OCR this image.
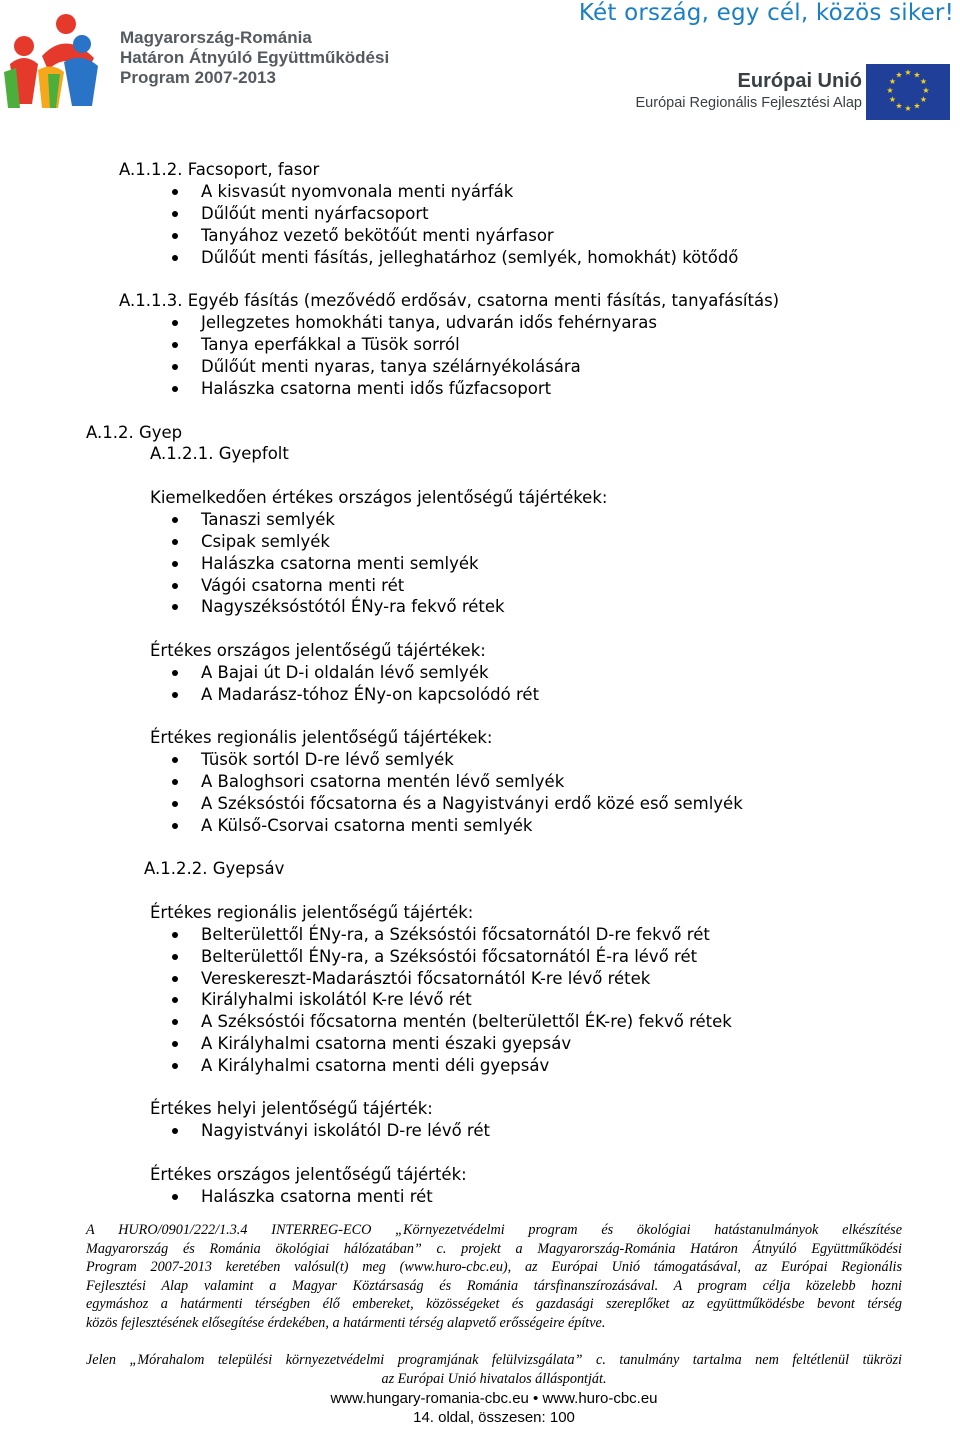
Két ország, egy cél, közös siker!
Magyarország-Románia
Határon Átnyúló Együttműködési
Program 2007-2013	Európai Unió
Európai Regionális Fejlesztési Alap
★ ★
★
★
★
★
★
★
★
★
★
★
A.1.1.2. Facsoport, fasor
A kisvasút nyomvonala menti nyárfák
Dűlőút menti nyárfacsoport
Tanyához vezető bekötőút menti nyárfasor
Dűlőút menti fásítás, jelleghatárhoz (semlyék, homokhát) kötődő
A.1.1.3. Egyéb fásítás (mezővédő erdősáv, csatorna menti fásítás, tanyafásítás)
Jellegzetes homokháti tanya, udvarán idős fehérnyaras
Tanya eperfákkal a Tüsök sorról
Dűlőút menti nyaras, tanya szélárnyékolására
Halászka csatorna menti idős fűzfacsoport
A.1.2. Gyep
A.1.2.1. Gyepfolt
Kiemelkedően értékes országos jelentőségű tájértékek:
Tanaszi semlyék
Csipak semlyék
Halászka csatorna menti semlyék
Vágói csatorna menti rét
Nagyszéksóstótól ÉNy-ra fekvő rétek
Értékes országos jelentőségű tájértékek:
A Bajai út D-i oldalán lévő semlyék
A Madarász-tóhoz ÉNy-on kapcsolódó rét
Értékes regionális jelentőségű tájértékek:
Tüsök sortól D-re lévő semlyék
A Baloghsori csatorna mentén lévő semlyék
A Széksóstói főcsatorna és a Nagyistványi erdő közé eső semlyék
A Külső-Csorvai csatorna menti semlyék
A.1.2.2. Gyepsáv
Értékes regionális jelentőségű tájérték:
Belterülettől ÉNy-ra, a Széksóstói főcsatornától D-re fekvő rét
Belterülettől ÉNy-ra, a Széksóstói főcsatornától É-ra lévő rét
Vereskereszt-Madarásztói főcsatornától K-re lévő rétek
Királyhalmi iskolától K-re lévő rét
A Széksóstói főcsatorna mentén (belterülettől ÉK-re) fekvő rétek
A Királyhalmi csatorna menti északi gyepsáv
A Királyhalmi csatorna menti déli gyepsáv
Értékes helyi jelentőségű tájérték:
Nagyistványi iskolától D-re lévő rét
Értékes országos jelentőségű tájérték:
Halászka csatorna menti rét
A HURO/0901/222/1.3.4 INTERREG-ECO „Környezetvédelmi program és ökológiai hatástanulmányok elkészítése
Magyarország és Románia ökológiai hálózatában” c. projekt a Magyarország-Románia Határon Átnyúló Együttműködési
Program 2007-2013 keretében valósul(t) meg (www.huro-cbc.eu), az Európai Unió támogatásával, az Európai Regionális
Fejlesztési Alap valamint a Magyar Köztársaság és Románia társfinanszírozásával. A program célja közelebb hozni
egymáshoz a határmenti térségben élő embereket, közösségeket és gazdasági szereplőket az együttműködésbe bevont térség
közös fejlesztésének elősegítése érdekében, a határmenti térség alapvető erősségeire építve.
Jelen „Mórahalom települési környezetvédelmi programjának felülvizsgálata” c. tanulmány tartalma nem feltétlenül tükrözi
az Európai Unió hivatalos álláspontját.
www.hungary-romania-cbc.eu • www.huro-cbc.eu
14. oldal, összesen: 100
